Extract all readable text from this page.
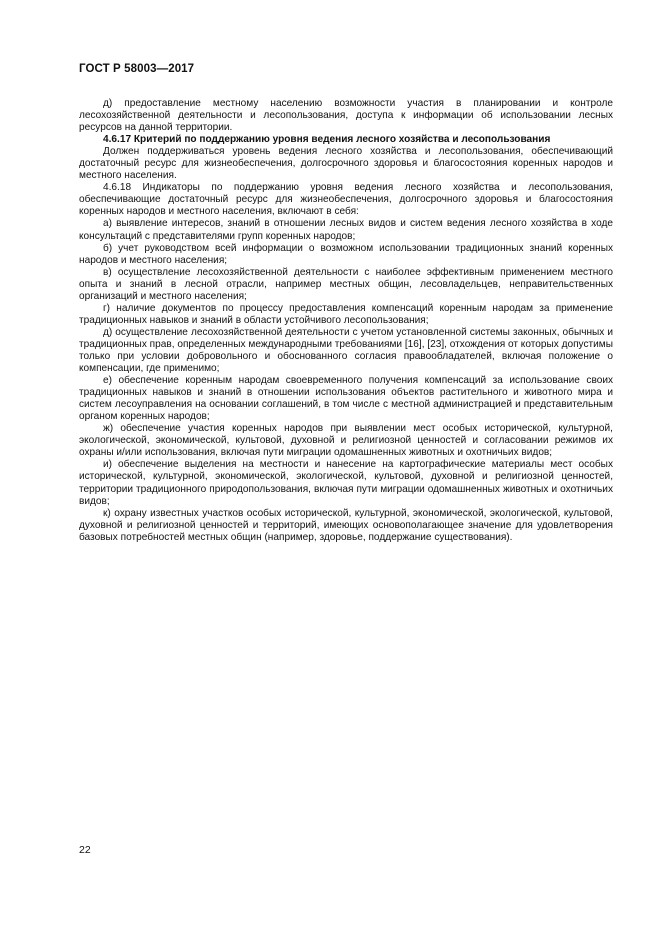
ГОСТ Р 58003—2017

д) предоставление местному населению возможности участия в планировании и контроле лесохозяйственной деятельности и лесопользования, доступа к информации об использовании лесных ресурсов на данной территории.

4.6.17 Критерий по поддержанию уровня ведения лесного хозяйства и лесопользования

Должен поддерживаться уровень ведения лесного хозяйства и лесопользования, обеспечивающий достаточный ресурс для жизнеобеспечения, долгосрочного здоровья и благосостояния коренных народов и местного населения.

4.6.18 Индикаторы по поддержанию уровня ведения лесного хозяйства и лесопользования, обеспечивающие достаточный ресурс для жизнеобеспечения, долгосрочного здоровья и благосостояния коренных народов и местного населения, включают в себя:

а) выявление интересов, знаний в отношении лесных видов и систем ведения лесного хозяйства в ходе консультаций с представителями групп коренных народов;

б) учет руководством всей информации о возможном использовании традиционных знаний коренных народов и местного населения;

в) осуществление лесохозяйственной деятельности с наиболее эффективным применением местного опыта и знаний в лесной отрасли, например местных общин, лесовладельцев, неправительственных организаций и местного населения;

г) наличие документов по процессу предоставления компенсаций коренным народам за применение традиционных навыков и знаний в области устойчивого лесопользования;

д) осуществление лесохозяйственной деятельности с учетом установленной системы законных, обычных и традиционных прав, определенных международными требованиями [16], [23], отхождения от которых допустимы только при условии добровольного и обоснованного согласия правообладателей, включая положение о компенсации, где применимо;

е) обеспечение коренным народам своевременного получения компенсаций за использование своих традиционных навыков и знаний в отношении использования объектов растительного и животного мира и систем лесоуправления на основании соглашений, в том числе с местной администрацией и представительным органом коренных народов;

ж) обеспечение участия коренных народов при выявлении мест особых исторической, культурной, экологической, экономической, культовой, духовной и религиозной ценностей и согласовании режимов их охраны и/или использования, включая пути миграции одомашненных животных и охотничьих видов;

и) обеспечение выделения на местности и нанесение на картографические материалы мест особых исторической, культурной, экономической, экологической, культовой, духовной и религиозной ценностей, территории традиционного природопользования, включая пути миграции одомашненных животных и охотничьих видов;

к) охрану известных участков особых исторической, культурной, экономической, экологической, культовой, духовной и религиозной ценностей и территорий, имеющих основополагающее значение для удовлетворения базовых потребностей местных общин (например, здоровье, поддержание существования).

22
